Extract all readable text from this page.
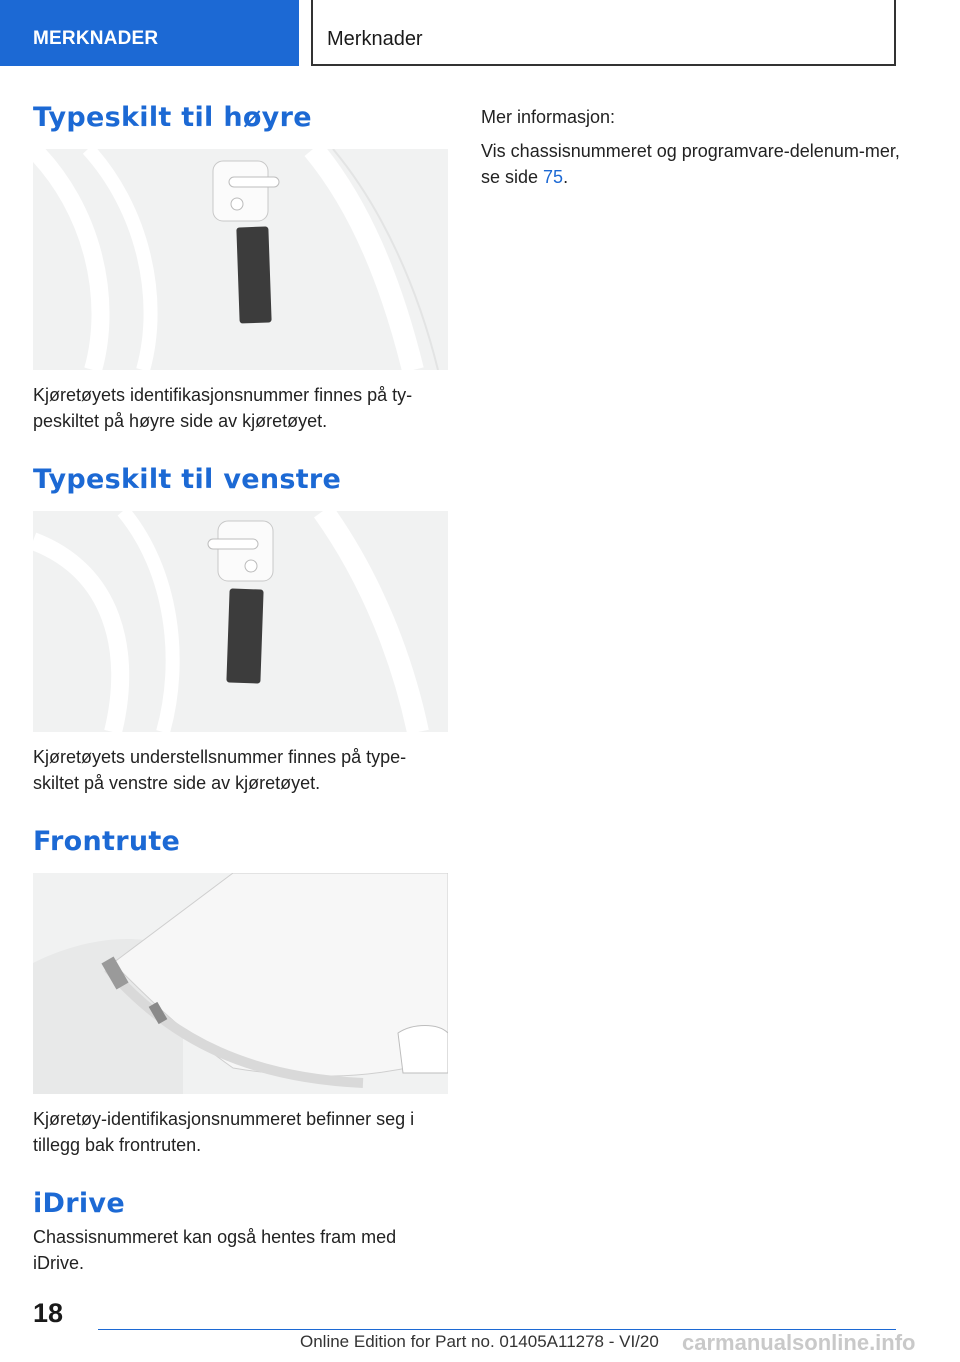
MERKNADER	Merknader
Typeskilt til høyre

Kjøretøyets identifikasjonsnummer finnes på ty-peskiltet på høyre side av kjøretøyet.

Typeskilt til venstre

Kjøretøyets understellsnummer finnes på type-skiltet på venstre side av kjøretøyet.

Frontrute

Kjøretøy-identifikasjonsnummeret befinner seg i tillegg bak frontruten.

iDrive

Chassisnummeret kan også hentes fram med iDrive.

Mer informasjon:

Vis chassisnummeret og programvare-delenum-mer, se side 75.

18
Online Edition for Part no. 01405A11278 - VI/20 carmanualsonline.info
